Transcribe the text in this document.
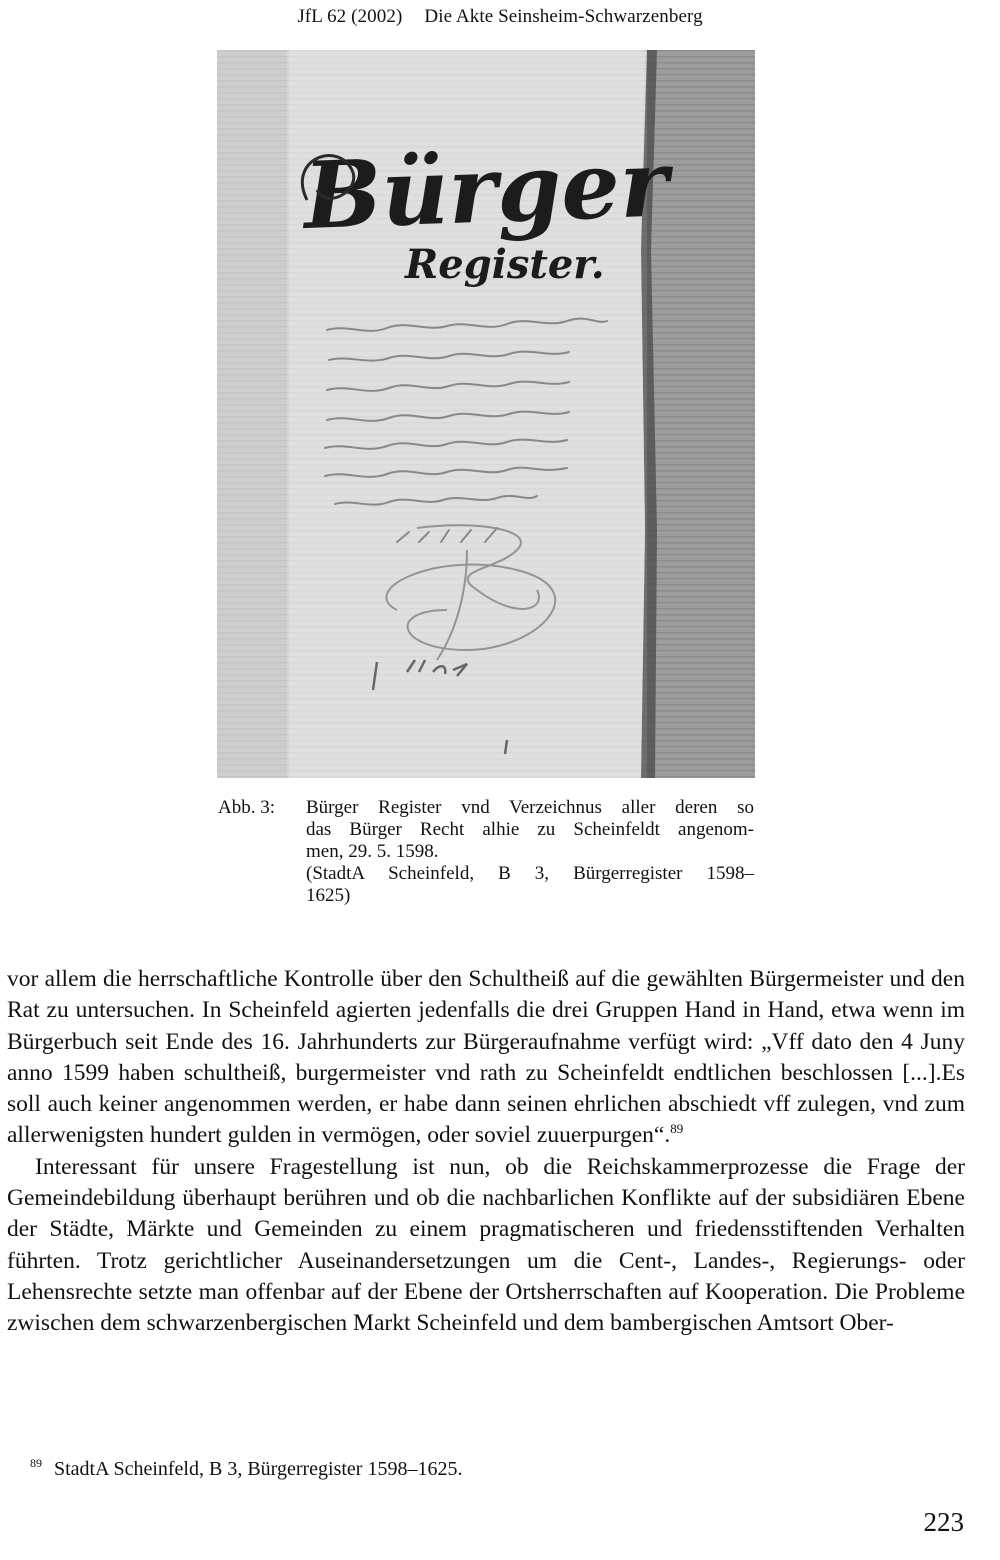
JfL 62 (2002) Die Akte Seinsheim-Schwarzenberg
Bürger
Register.
Abb. 3: Bürger Register vnd Verzeichnus aller deren so
das Bürger Recht alhie zu Scheinfeldt angenom-
men, 29. 5. 1598.
(StadtA Scheinfeld, B 3, Bürgerregister 1598–
1625)

vor allem die herrschaftliche Kontrolle über den Schultheiß auf die gewählten Bürgermeister und den Rat zu untersuchen. In Scheinfeld agierten jedenfalls die drei Gruppen Hand in Hand, etwa wenn im Bürgerbuch seit Ende des 16. Jahrhunderts zur Bürgeraufnahme verfügt wird: „Vff dato den 4 Juny anno 1599 haben schultheiß, burgermeister vnd rath zu Scheinfeldt endtlichen beschlossen [...].Es soll auch keiner angenommen werden, er habe dann seinen ehrlichen abschiedt vff zulegen, vnd zum allerwenigsten hundert gulden in vermögen, oder soviel zuuerpurgen“.$^{89}$

Interessant für unsere Fragestellung ist nun, ob die Reichskammerprozesse die Frage der Gemeindebildung überhaupt berühren und ob die nachbarlichen Konflikte auf der subsidiären Ebene der Städte, Märkte und Gemeinden zu einem pragmatischeren und friedensstiftenden Verhalten führten. Trotz gerichtlicher Auseinandersetzungen um die Cent-, Landes-, Regierungs- oder Lehensrechte setzte man offenbar auf der Ebene der Ortsherrschaften auf Kooperation. Die Probleme zwischen dem schwarzenbergischen Markt Scheinfeld und dem bambergischen Amtsort Ober-

$^{89}$ StadtA Scheinfeld, B 3, Bürgerregister 1598–1625.
223
